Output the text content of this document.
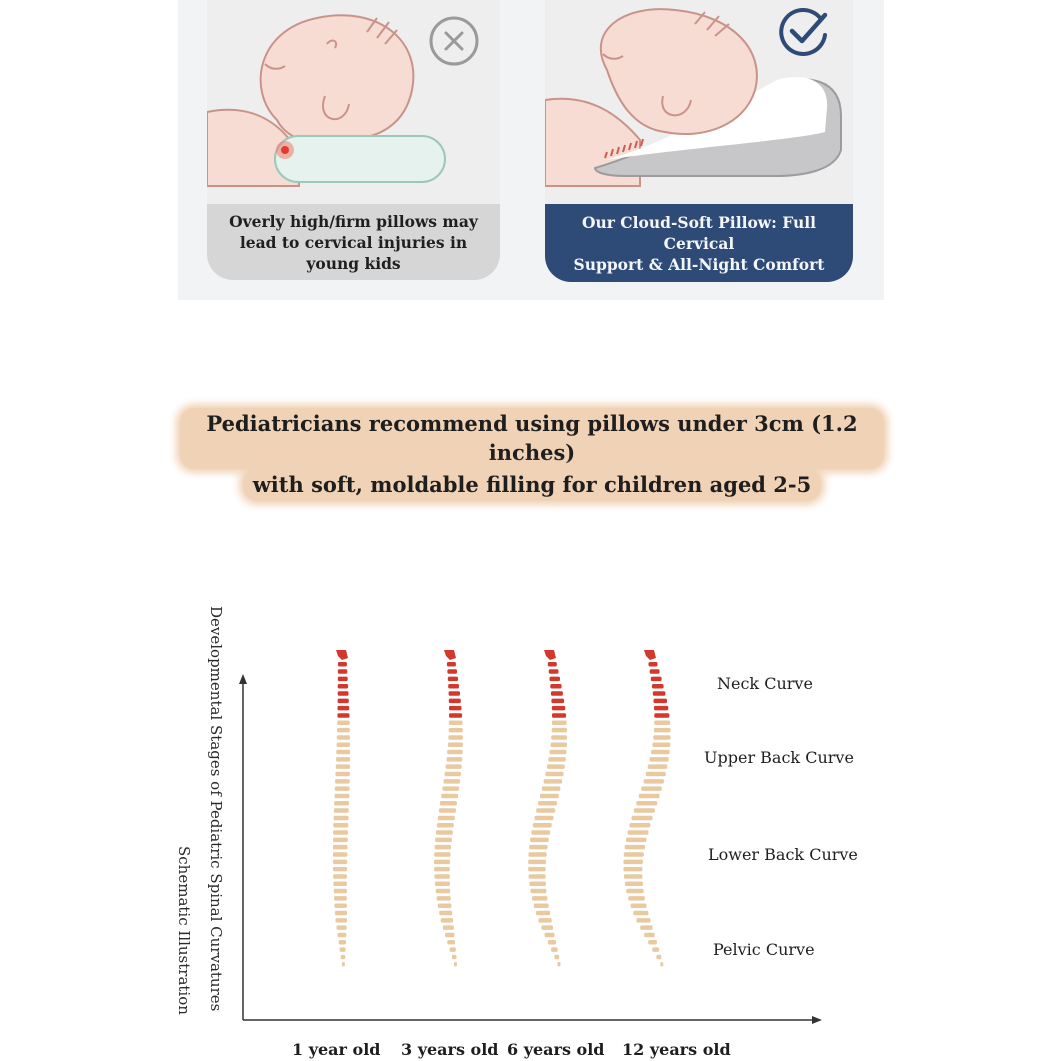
Overly high/firm pillows may
lead to cervical injuries in young kids
Our Cloud-Soft Pillow: Full Cervical
Support & All-Night Comfort
Pediatricians recommend using pillows under 3cm (1.2 inches)
with soft, moldable filling for children aged 2-5
Developmental Stages of Pediatric Spinal Curvatures
Schematic Illustration
Neck Curve
Upper Back Curve
Lower Back Curve
Pelvic Curve
1 year old 3 years old 6 years old 12 years old
